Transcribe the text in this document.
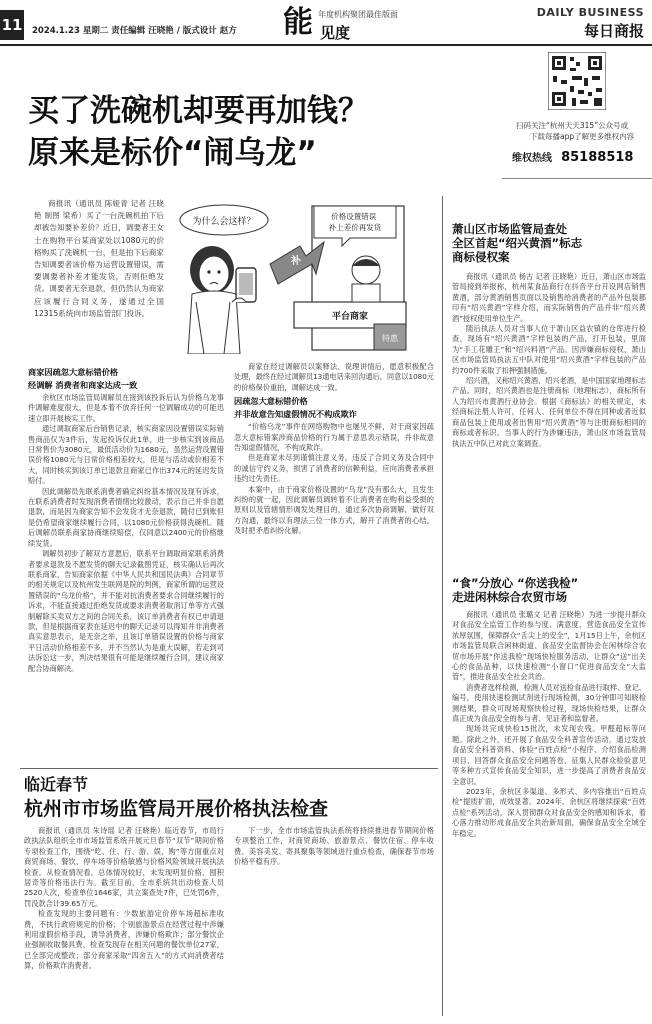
11 2024.1.23 星期二 责任编辑 汪晓艳 / 版式设计 赵方 能 年度机构聚团最佳版面
见度
DAILY BUSINESS
每日商报
买了洗碗机却要再加钱？
原来是标价“闹乌龙”
扫码关注“杭州天天315”公众号或
下载每播app了解更多维权内容
维权热线 85188518
为什么会这样？
平台商家
价格设置错误 补上差价再发货
补
特惠

商报讯（通讯员 陈娅青 记者 汪晓艳 制图 梁希）买了一台洗碗机拍下后却被告知要补差价？近日，调要者王女士在购物平台某商家处以1080元的价格购买了洗碗机一台，但是拍下后商家告知调要者该价格为运营设置错误，需要调要者补差才能发货，否则拒绝发货。调要者无奈退款，但仍然认为商家应该履行合同义务，遂通过全国12315系统向市场监管部门投诉。

商家因疏忽大意标错价格
经调解 消费者和商家达成一致

余杭区市场监管局调解员在接到该投诉后认为价格乌龙事件调解难度很大，但是本着不放弃任何一位调解成功的可能迅速立即开展核实工作。

通过调取商家后台销售记录，核实商家因设置错误实际销售商品仅为3件后，发起投诉仅此1单，进一步核实到该商品日常售价为3080元，最低活动价为1680元，虽然运营设置错误价格1080元与日常价格相差较大，但是与活动或价相差不大，同时核实到该订单已退款且商家已作出374元的延迟发货赔付。

因此调解员先联系消费者确定纠纷基本情况及现有诉求，在联系消费者时发现消费者情绪比较激动，表示自己并非自愿退款，而是因为商家告知不会发货才无奈退款，随付已到账但是仍希望商家继续履行合同，以1080元价格获得洗碗机。随后调解员联系商家协商继续赔偿，仅同意以2400元的价格继续发货。

调解员初步了解双方意愿后，联系平台调取商家联系消费者要求退款及不愿发货的聊天记录截图凭证，核实确认后再次联系商家，告知商家依据《中华人民共和国民法典》合同章节的相关规定以及杭州发生联网是院的判例，商家所谓的运营设置错误的“乌龙价格”，并不能对抗消费者要求合同继续履行的诉求，不能直接通过拒绝发货或要求消费者取消订单等方式强制解除买卖双方之间的合同关系，该订单消费者有权已申请退款，但是根据商家表在延迟中的聊天记录可以得知并非消费者真实意思表示，是无奈之举，且该订单错误设置的价格与商家平日活动价格相差不多，并不当然认为是重大误解，若走到司法诉讼这一步，判决结果很有可能是继续履行合同，建议商家配合协商解决。

商家在经过调解员以案释法、说理讲情后，愿意积极配合处理，最终在经过调解员13通电话来回沟通后，同意以1080元的价格保价重拍，调解达成一致。

因疏忽大意标错价格
并非故意告知虚假情况不构成欺诈

“价格乌龙”事件在网络购物中也屡见不鲜，对于商家因疏忽大意标错案涉商品价格的行为属于意思表示错误，并非故意告知虚假情况，不构成欺诈。

但是商家未尽到谨慎注意义务，违反了合同义务及合同中的诚信守约义务，损害了消费者的信赖利益，应向消费者承担违约过失责任。

本案中，由于商家价格设置的“乌龙”没有那么大，且发生纠纷的就一起，因此调解员调转着不让消费者在购利益受损的原则以及管辖情形调发处理目的，通过多次协商调解，做好双方沟通，最终以有理法三位一体方式，解开了消费者的心结，及时把矛盾纠纷化解。

临近春节
杭州市市场监管局开展价格执法检查

商报讯（通讯员 朱诗瑶 记者 汪晓艳）临近春节，市局行政执法队组织全市市场监管系统开展元旦春节“双节”期间价格专项检查工作，围绕“吃、住、行、游、娱、购”等方面重点对商贸商场、餐饮、停车场等价格敏感与价格风险领域开展执法检查。从检查情况看，总体情况较好，未发现明显价格、囤积居奇等价格违法行为。截至目前，全市系统共出动检查人员2520人次，检查单位1646家，共立案查处7件，已处罚6件，罚没款合计39.65万元。

检查发现的主要问题有：少数旅游定价停车场超标准收费，不执行政府规定的价格；个别旅游景点在经营过程中涉嫌利用虚假价格手段，诱导消费者，涉嫌价格欺诈；部分餐饮企业强制收取餐具费，检查发现存在相关问题的餐饮单位27家，已全部完成整改；部分商家采取“四舍五入”的方式向消费者结算，价格欺诈消费者。

下一步，全市市场监管执法系统将持续推进春节期间价格专项整治工作，对商贸商场、旅游景点、餐饮住宿、停车收费、美容美发、寄具聚集等领域进行重点检查，确保春节市场价格平稳有序。

萧山区市场监管局查处
全区首起“绍兴黄酒”标志
商标侵权案

商报讯（通讯员 杨古 记者 汪晓艳）近日，萧山区市场监管局接到举报称，杭州某食品商行在抖音平台开设网店销售黄酒，部分黄酒销售页面以及销售给消费者的产品外包装都印有“绍兴黄酒”字样介绍，而实际销售的产品并非“绍兴黄酒”授权使用单位生产。

随后执法人员对当事人位于萧山区益农镇的仓库进行检查，现场有“绍兴黄酒”字样包装的产品，打开包装，里面为“手工花雕王”和“绍兴料酒”产品。因涉嫌商标侵权，萧山区市场监管局执法五中队对使用“绍兴黄酒”字样包装的产品约700件采取了扣押强制措施。

绍兴酒，又称绍兴黄酒、绍兴老酒，是中国国家地理标志产品。同时，绍兴黄酒也是注册商标（地理标志），商标所有人为绍兴市黄酒行业协会。根据《商标法》的相关规定，未经商标注册人许可，任何人、任何单位不得在同种或者近似商品包装上使用或者出售用“绍兴黄酒”等与注册商标相同的商标或者标识。当事人的行为涉嫌违法，萧山区市场监管局执法五中队已对此立案调查。

“食”分放心 “你送我检”
走进闲林综合农贸市场

商报讯（通讯员 张璐文 记者 汪晓艳）为进一步提升群众对食品安全监管工作的参与度、满意度，营造食品安全宣传浓厚氛围，保障群众“舌尖上的安全”，1月15日上午，余杭区市场监管局联合闲林街道、食品安全监督协会在闲林综合农贸市场开展“你送我检”现场快检服务活动，让群众“送”出关心的食品品种，以快速检测“小窗口”促进食品安全“大监管”，推进食品安全社会共治。

消费者选样检测，检测人员对送检食品进行取样、登记、编号，使用快速检测试剂进行现场检测，30分钟即可知晓检测结果，群众可现场观察快检过程，现场快检结果，让群众真正成为食品安全的参与者、见证者和监督者。

现场共完成快检15批次，未发现农残、甲醛超标等问题。除此之外，还开展了食品安全科普宣传活动，通过发放食品安全科普资料、体验“百姓点检”小程序、介绍食品检测项目、回答群众食品安全问题答卷、征集人民群众检验意见等多种方式宣传食品安全知识，进一步提高了消费者食品安全意识。

2023年，余杭区多渠道、多形式、多内容推出“百姓点检”提质扩面，成效显著。2024年，余杭区将继续探索“百姓点检”系列活动，深入贯彻群众对食品安全的感知和诉求，着心落力推动形成食品安全共治新局面，确保食品安全全域全年稳定。
